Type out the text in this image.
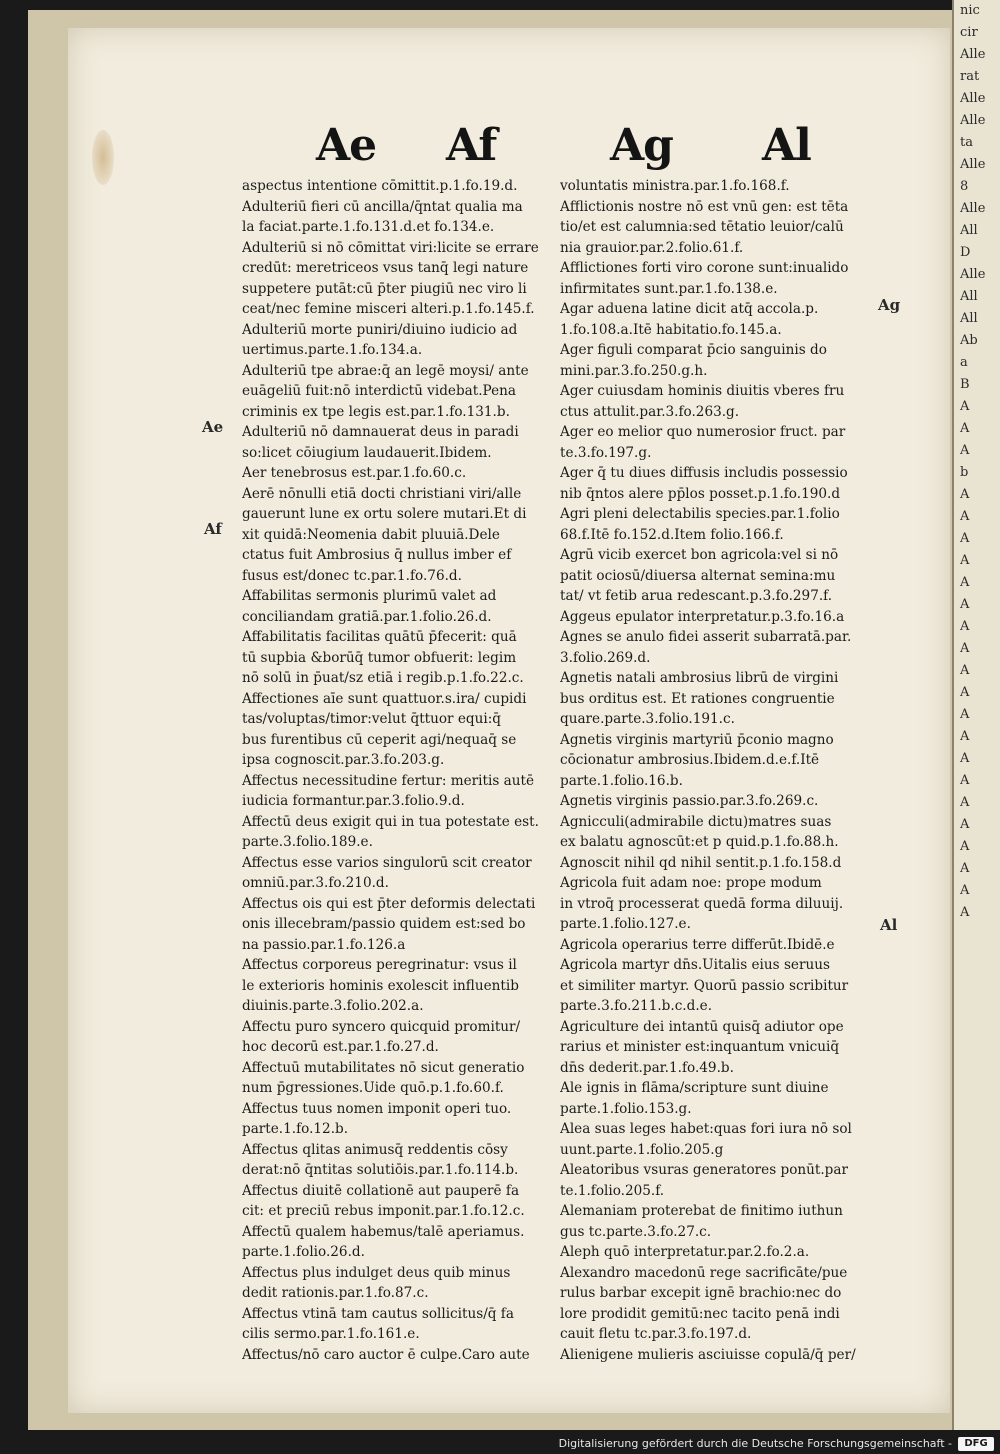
nic
cir
Alle
rat
Alle
Alle
ta
Alle
8
Alle
All
D
Alle
All
All
Ab
a
B
A
A
A
b
A
A
A
A
A
A
A
A
A
A
A
A
A
A
A
A
A
A
A
A
Ae Af	Ag Al
Ae
Af
Ag
Al
aspectus intentione cōmittit.p.1.fo.19.d.
Adulteriū fieri cū ancilla/q̄ntat qualia ma
la faciat.parte.1.fo.131.d.et fo.134.e.
Adulteriū si nō cōmittat viri:licite se errare
credūt: meretriceos vsus tanq̄ legi nature
suppetere putāt:cū p̄ter piugiū nec viro li
ceat/nec femine misceri alteri.p.1.fo.145.f.
Adulteriū morte puniri/diuino iudicio ad
uertimus.parte.1.fo.134.a.
Adulteriū tpe abrae:q̄ an legē moysi/ ante
euāgeliū fuit:nō interdictū videbat.Pena
criminis ex tpe legis est.par.1.fo.131.b.
Adulteriū nō damnauerat deus in paradi
so:licet cōiugium laudauerit.Ibidem.
Aer tenebrosus est.par.1.fo.60.c.
Aerē nōnulli etiā docti christiani viri/alle
gauerunt lune ex ortu solere mutari.Et di
xit quidā:Neomenia dabit pluuiā.Dele
ctatus fuit Ambrosius q̄ nullus imber ef
fusus est/donec tc.par.1.fo.76.d.
Affabilitas sermonis plurimū valet ad
conciliandam gratiā.par.1.folio.26.d.
Affabilitatis facilitas quātū p̄fecerit: quā
tū supbia &borūq̄ tumor obfuerit: legim
nō solū in p̄uat/sz etiā i regib.p.1.fo.22.c.
Affectiones aīe sunt quattuor.s.ira/ cupidi
tas/voluptas/timor:velut q̄ttuor equi:q̄
bus furentibus cū ceperit agi/nequaq̄ se
ipsa cognoscit.par.3.fo.203.g.
Affectus necessitudine fertur: meritis autē
iudicia formantur.par.3.folio.9.d.
Affectū deus exigit qui in tua potestate est.
parte.3.folio.189.e.
Affectus esse varios singulorū scit creator
omniū.par.3.fo.210.d.
Affectus ois qui est p̄ter deformis delectati
onis illecebram/passio quidem est:sed bo
na passio.par.1.fo.126.a
Affectus corporeus peregrinatur: vsus il
le exterioris hominis exolescit influentib
diuinis.parte.3.folio.202.a.
Affectu puro syncero quicquid promitur/
hoc decorū est.par.1.fo.27.d.
Affectuū mutabilitates nō sicut generatio
num p̄gressiones.Uide quō.p.1.fo.60.f.
Affectus tuus nomen imponit operi tuo.
parte.1.fo.12.b.
Affectus qlitas animusq̄ reddentis cōsy
derat:nō q̄ntitas solutiōis.par.1.fo.114.b.
Affectus diuitē collationē aut pauperē fa
cit: et preciū rebus imponit.par.1.fo.12.c.
Affectū qualem habemus/talē aperiamus.
parte.1.folio.26.d.
Affectus plus indulget deus quib minus
dedit rationis.par.1.fo.87.c.
Affectus vtinā tam cautus sollicitus/q̄ fa
cilis sermo.par.1.fo.161.e.
Affectus/nō caro auctor ē culpe.Caro aute
voluntatis ministra.par.1.fo.168.f.
Afflictionis nostre nō est vnū gen: est tēta
tio/et est calumnia:sed tētatio leuior/calū
nia grauior.par.2.folio.61.f.
Afflictiones forti viro corone sunt:inualido
infirmitates sunt.par.1.fo.138.e.
Agar aduena latine dicit atq̄ accola.p.
1.fo.108.a.Itē habitatio.fo.145.a.
Ager figuli comparat p̄cio sanguinis do
mini.par.3.fo.250.g.h.
Ager cuiusdam hominis diuitis vberes fru
ctus attulit.par.3.fo.263.g.
Ager eo melior quo numerosior fruct. par
te.3.fo.197.g.
Ager q̄ tu diues diffusis includis possessio
nib q̄ntos alere pp̄los posset.p.1.fo.190.d
Agri pleni delectabilis species.par.1.folio
68.f.Itē fo.152.d.Item folio.166.f.
Agrū vicib exercet bon agricola:vel si nō
patit ociosū/diuersa alternat semina:mu
tat/ vt fetib arua redescant.p.3.fo.297.f.
Aggeus epulator interpretatur.p.3.fo.16.a
Agnes se anulo fidei asserit subarratā.par.
3.folio.269.d.
Agnetis natali ambrosius librū de virgini
bus orditus est. Et rationes congruentie
quare.parte.3.folio.191.c.
Agnetis virginis martyriū p̄conio magno
cōcionatur ambrosius.Ibidem.d.e.f.Itē
parte.1.folio.16.b.
Agnetis virginis passio.par.3.fo.269.c.
Agnicculi(admirabile dictu)matres suas
ex balatu agnoscūt:et p quid.p.1.fo.88.h.
Agnoscit nihil qd nihil sentit.p.1.fo.158.d
Agricola fuit adam noe: prope modum
in vtroq̄ processerat quedā forma diluuij.
parte.1.folio.127.e.
Agricola operarius terre differūt.Ibidē.e
Agricola martyr dn̄s.Uitalis eius seruus
et similiter martyr. Quorū passio scribitur
parte.3.fo.211.b.c.d.e.
Agriculture dei intantū quisq̄ adiutor ope
rarius et minister est:inquantum vnicuiq̄
dn̄s dederit.par.1.fo.49.b.
Ale ignis in flāma/scripture sunt diuine
parte.1.folio.153.g.
Alea suas leges habet:quas fori iura nō sol
uunt.parte.1.folio.205.g
Aleatoribus vsuras generatores ponūt.par
te.1.folio.205.f.
Alemaniam proterebat de finitimo iuthun
gus tc.parte.3.fo.27.c.
Aleph quō interpretatur.par.2.fo.2.a.
Alexandro macedonū rege sacrificāte/pue
rulus barbar excepit ignē brachio:nec do
lore prodidit gemitū:nec tacito penā indi
cauit fletu tc.par.3.fo.197.d.
Alienigene mulieris asciuisse copulā/q̄ per/
Digitalisierung gefördert durch die Deutsche Forschungsgemeinschaft -	DFG
